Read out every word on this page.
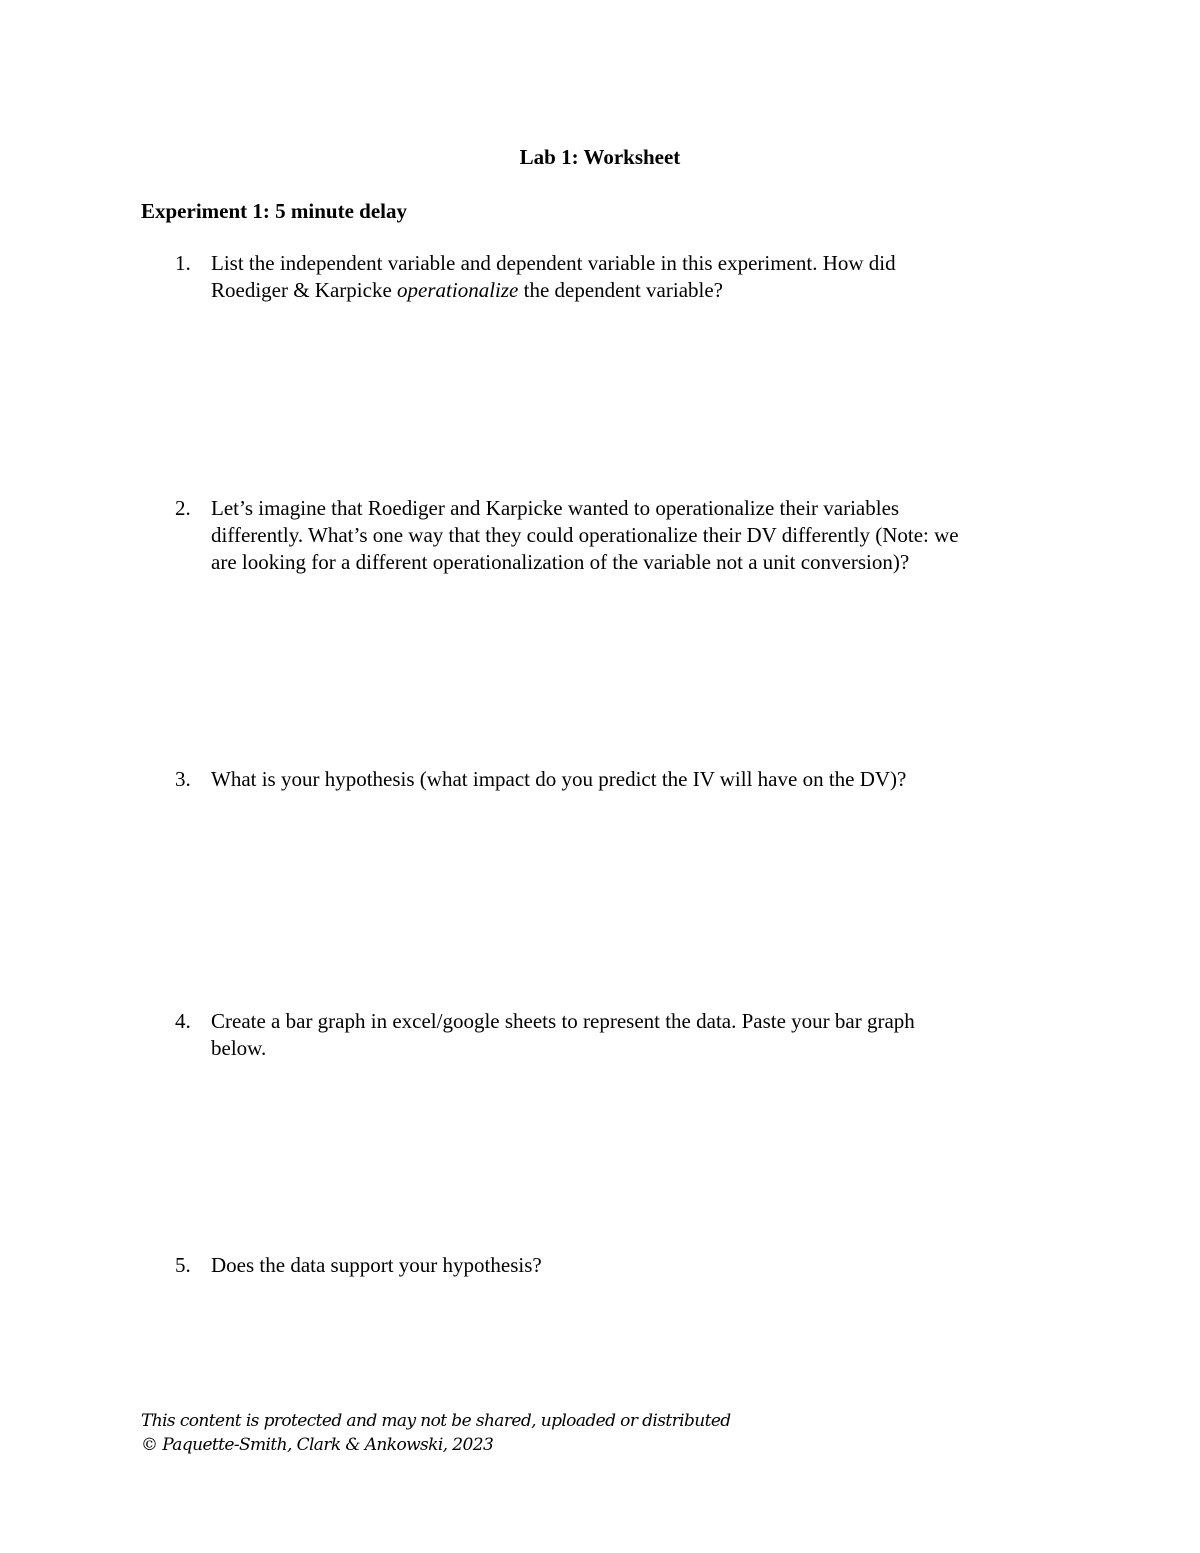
Lab 1: Worksheet
Experiment 1: 5 minute delay
1. List the independent variable and dependent variable in this experiment. How did
Roediger & Karpicke operationalize the dependent variable?
2. Let’s imagine that Roediger and Karpicke wanted to operationalize their variables
differently. What’s one way that they could operationalize their DV differently (Note: we
are looking for a different operationalization of the variable not a unit conversion)?
3. What is your hypothesis (what impact do you predict the IV will have on the DV)?
4. Create a bar graph in excel/google sheets to represent the data. Paste your bar graph
below.
5. Does the data support your hypothesis?
This content is protected and may not be shared, uploaded or distributed
© Paquette-Smith, Clark & Ankowski, 2023
